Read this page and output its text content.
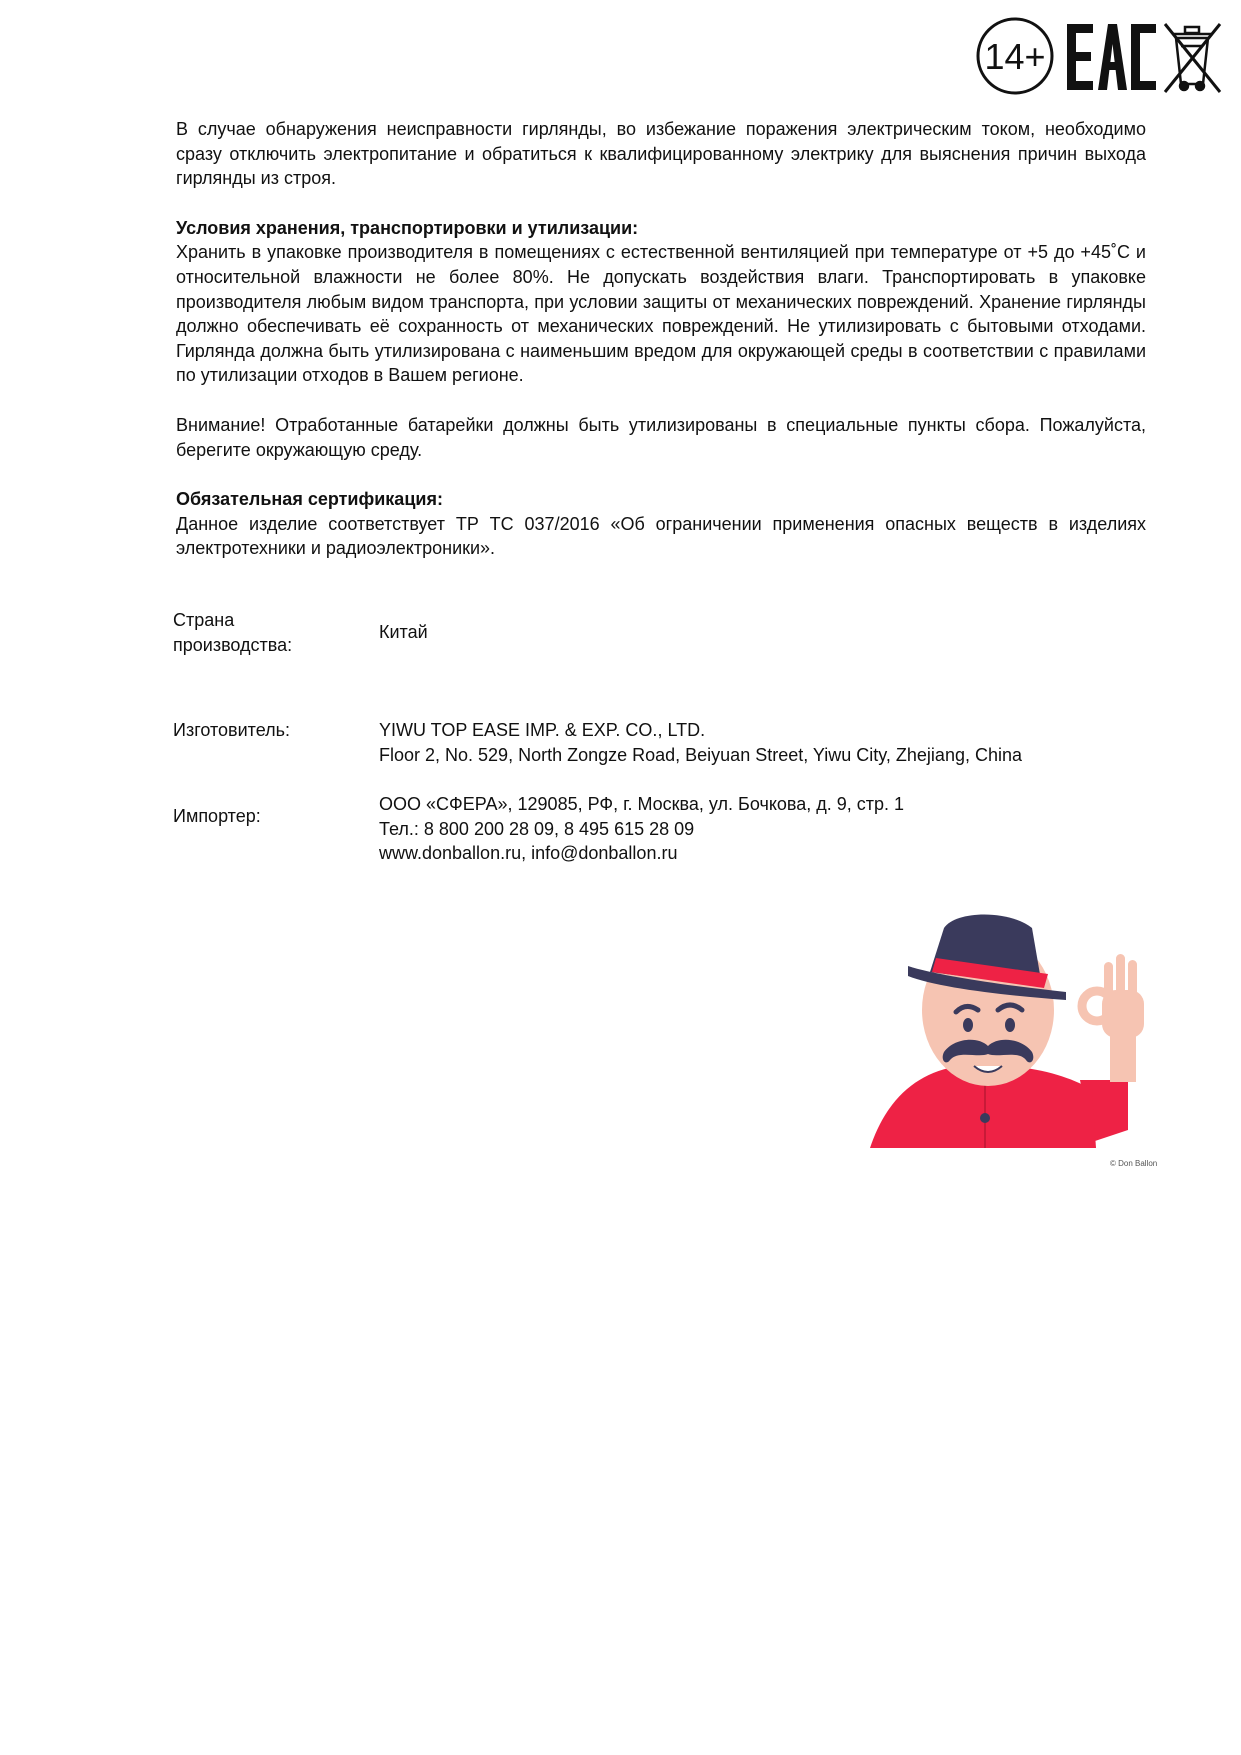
14+

В случае обнаружения неисправности гирлянды, во избежание поражения электрическим током, необходимо сразу отключить электропитание и обратиться к квалифицированному электрику для выяснения причин выхода гирлянды из строя.

Условия хранения, транспортировки и утилизации:

Хранить в упаковке производителя в помещениях с естественной вентиляцией при температуре от +5 до +45˚С и относительной влажности не более 80%. Не допускать воздействия влаги. Транспортировать в упаковке производителя любым видом транспорта, при условии защиты от механических повреждений. Хранение гирлянды должно обеспечивать её сохранность от механических повреждений. Не утилизировать с бытовыми отходами. Гирлянда должна быть утилизирована с наименьшим вредом для окружающей среды в соответствии с правилами по утилизации отходов в Вашем регионе.

Внимание! Отработанные батарейки должны быть утилизированы в специальные пункты сбора. Пожалуйста, берегите окружающую среду.

Обязательная сертификация:

Данное изделие соответствует ТР ТС 037/2016 «Об ограничении применения опасных веществ в изделиях электротехники и радиоэлектроники».

Страна
производства:
Китай
Изготовитель:	YIWU TOP EASE IMP. & EXP. CO., LTD.
Floor 2, No. 529, North Zongze Road, Beiyuan Street, Yiwu City, Zhejiang, China
Импортер:
ООО «СФЕРА», 129085, РФ, г. Москва, ул. Бочкова, д. 9, стр. 1
Тел.: 8 800 200 28 09, 8 495 615 28 09
www.donballon.ru, info@donballon.ru
© Don Ballon
